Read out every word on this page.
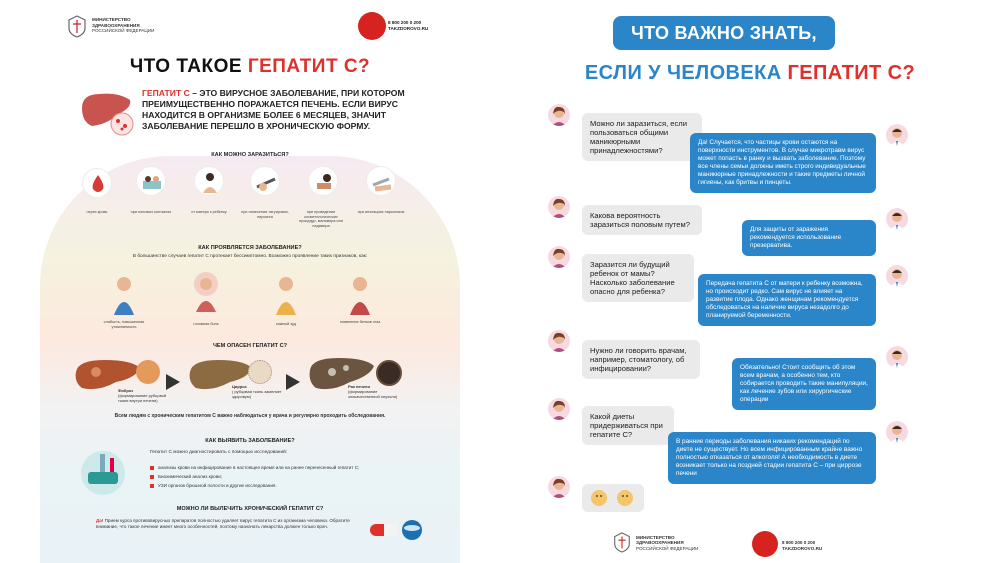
МИНИСТЕРСТВО
ЗДРАВООХРАНЕНИЯ
РОССИЙСКОЙ ФЕДЕРАЦИИ
8 800 200 0 200
TAKZDOROVO.RU
ЧТО ТАКОЕ ГЕПАТИТ С?
ГЕПАТИТ С – ЭТО ВИРУСНОЕ ЗАБОЛЕВАНИЕ, ПРИ КОТОРОМ ПРЕИМУЩЕСТВЕННО ПОРАЖАЕТСЯ ПЕЧЕНЬ. ЕСЛИ ВИРУС НАХОДИТСЯ В ОРГАНИЗМЕ БОЛЕЕ 6 МЕСЯЦЕВ, ЗНАЧИТ ЗАБОЛЕВАНИЕ ПЕРЕШЛО В ХРОНИЧЕСКУЮ ФОРМУ.
КАК МОЖНО ЗАРАЗИТЬСЯ?
через кровь	при половых контактах	от матери к ребенку	при нанесении татуировок, пирсинга
при проведении косметологических процедур, маникюра или педикюра
при инъекциях наркотиков
КАК ПРОЯВЛЯЕТСЯ ЗАБОЛЕВАНИЕ?
В большинстве случаев гепатит С протекает бессимптомно. Возможно проявление таких признаков, как:
слабость, повышенная утомляемость
головная боль	кожный зуд	появление белков глаз
ЧЕМ ОПАСЕН ГЕПАТИТ С?
Фиброз
(формирование рубцовой ткани внутри печени)
Цирроз
( рубцовая ткань заменяет здоровую)
Рак печени
(формирование злокачественной опухоли)
Всем людям с хроническим гепатитом С важно наблюдаться у врача и регулярно проходить обследования.
КАК ВЫЯВИТЬ ЗАБОЛЕВАНИЕ?
Гепатит С можно диагностировать с помощью исследований:
анализы крови на инфицирование в настоящее время или на ранее перенесенный гепатит С;
Биохимический анализ крови;
УЗИ органов брюшной полости и другие исследования.
МОЖНО ЛИ ВЫЛЕЧИТЬ ХРОНИЧЕСКИЙ ГЕПАТИТ С?
Да! Прием курса противовирусных препаратов полностью удаляет вирус гепатита С из организма человека. Обратите внимание, что такое лечение имеет много особенностей, поэтому назначать лекарства должен только врач.
ЧТО ВАЖНО ЗНАТЬ,
ЕСЛИ У ЧЕЛОВЕКА ГЕПАТИТ С?
Можно ли заразиться, если пользоваться общими маникюрными принадлежностями?
Да! Случается, что частицы крови остаются на поверхности инструментов. В случае микротравм вирус может попасть в ранку и вызвать заболевание. Поэтому все члены семьи должны иметь строго индивидуальные маникюрные принадлежности и такие предметы личной гигиены, как бритвы и пинцеты.
Какова вероятность заразиться половым путем?
Для защиты от заражения рекомендуется использование презерватива.
Заразится ли будущий ребенок от мамы? Насколько заболевание опасно для ребенка?
Передача гепатита С от матери к ребенку возможна, но происходит редко. Сам вирус не влияет на развитие плода. Однако женщинам рекомендуется обследоваться на наличие вируса незадолго до планируемой беременности.
Нужно ли говорить врачам, например, стоматологу, об инфицировании?	Обязательно! Стоит сообщить об этом всем врачам, а особенно тем, кто собирается проводить такие манипуляции, как лечение зубов или хирургические операции
Какой диеты придерживаться при гепатите С?
В ранние периоды заболевания никаких рекомендаций по диете не существует. Но всем инфицированным крайне важно полностью отказаться от алкоголя! А необходимость в диете возникает только на поздней стадии гепатита С – при циррозе печени
МИНИСТЕРСТВО
ЗДРАВООХРАНЕНИЯ
РОССИЙСКОЙ ФЕДЕРАЦИИ
8 800 200 0 200
TAKZDOROVO.RU
